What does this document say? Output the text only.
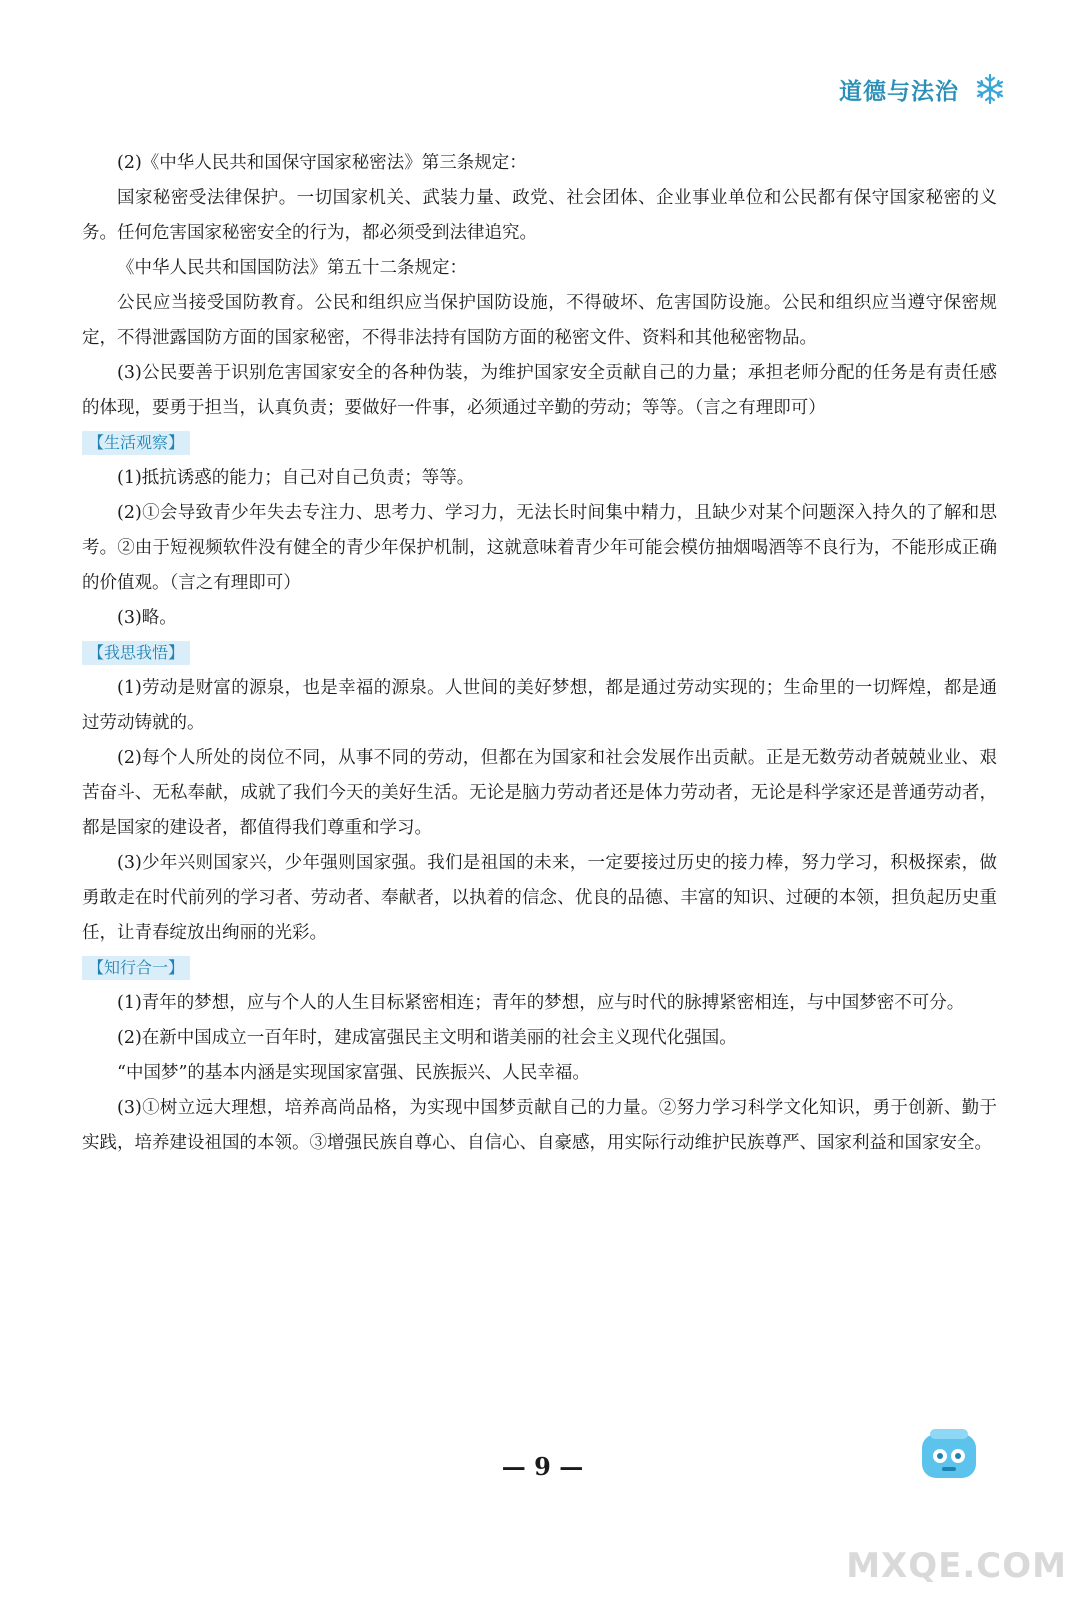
道德与法治

(2)《中华人民共和国保守国家秘密法》第三条规定：

国家秘密受法律保护。一切国家机关、武装力量、政党、社会团体、企业事业单位和公民都有保守国家秘密的义务。任何危害国家秘密安全的行为，都必须受到法律追究。

《中华人民共和国国防法》第五十二条规定：

公民应当接受国防教育。公民和组织应当保护国防设施，不得破坏、危害国防设施。公民和组织应当遵守保密规定，不得泄露国防方面的国家秘密，不得非法持有国防方面的秘密文件、资料和其他秘密物品。

(3)公民要善于识别危害国家安全的各种伪装，为维护国家安全贡献自己的力量；承担老师分配的任务是有责任感的体现，要勇于担当，认真负责；要做好一件事，必须通过辛勤的劳动；等等。（言之有理即可）

【生活观察】

(1)抵抗诱惑的能力；自己对自己负责；等等。

(2)①会导致青少年失去专注力、思考力、学习力，无法长时间集中精力，且缺少对某个问题深入持久的了解和思考。②由于短视频软件没有健全的青少年保护机制，这就意味着青少年可能会模仿抽烟喝酒等不良行为，不能形成正确的价值观。（言之有理即可）

(3)略。

【我思我悟】

(1)劳动是财富的源泉，也是幸福的源泉。人世间的美好梦想，都是通过劳动实现的；生命里的一切辉煌，都是通过劳动铸就的。

(2)每个人所处的岗位不同，从事不同的劳动，但都在为国家和社会发展作出贡献。正是无数劳动者兢兢业业、艰苦奋斗、无私奉献，成就了我们今天的美好生活。无论是脑力劳动者还是体力劳动者，无论是科学家还是普通劳动者，都是国家的建设者，都值得我们尊重和学习。

(3)少年兴则国家兴，少年强则国家强。我们是祖国的未来，一定要接过历史的接力棒，努力学习，积极探索，做勇敢走在时代前列的学习者、劳动者、奉献者，以执着的信念、优良的品德、丰富的知识、过硬的本领，担负起历史重任，让青春绽放出绚丽的光彩。

【知行合一】

(1)青年的梦想，应与个人的人生目标紧密相连；青年的梦想，应与时代的脉搏紧密相连，与中国梦密不可分。

(2)在新中国成立一百年时，建成富强民主文明和谐美丽的社会主义现代化强国。

“中国梦”的基本内涵是实现国家富强、民族振兴、人民幸福。

(3)①树立远大理想，培养高尚品格，为实现中国梦贡献自己的力量。②努力学习科学文化知识，勇于创新、勤于实践，培养建设祖国的本领。③增强民族自尊心、自信心、自豪感，用实际行动维护民族尊严、国家利益和国家安全。

— 9 —
MXQE.COM
